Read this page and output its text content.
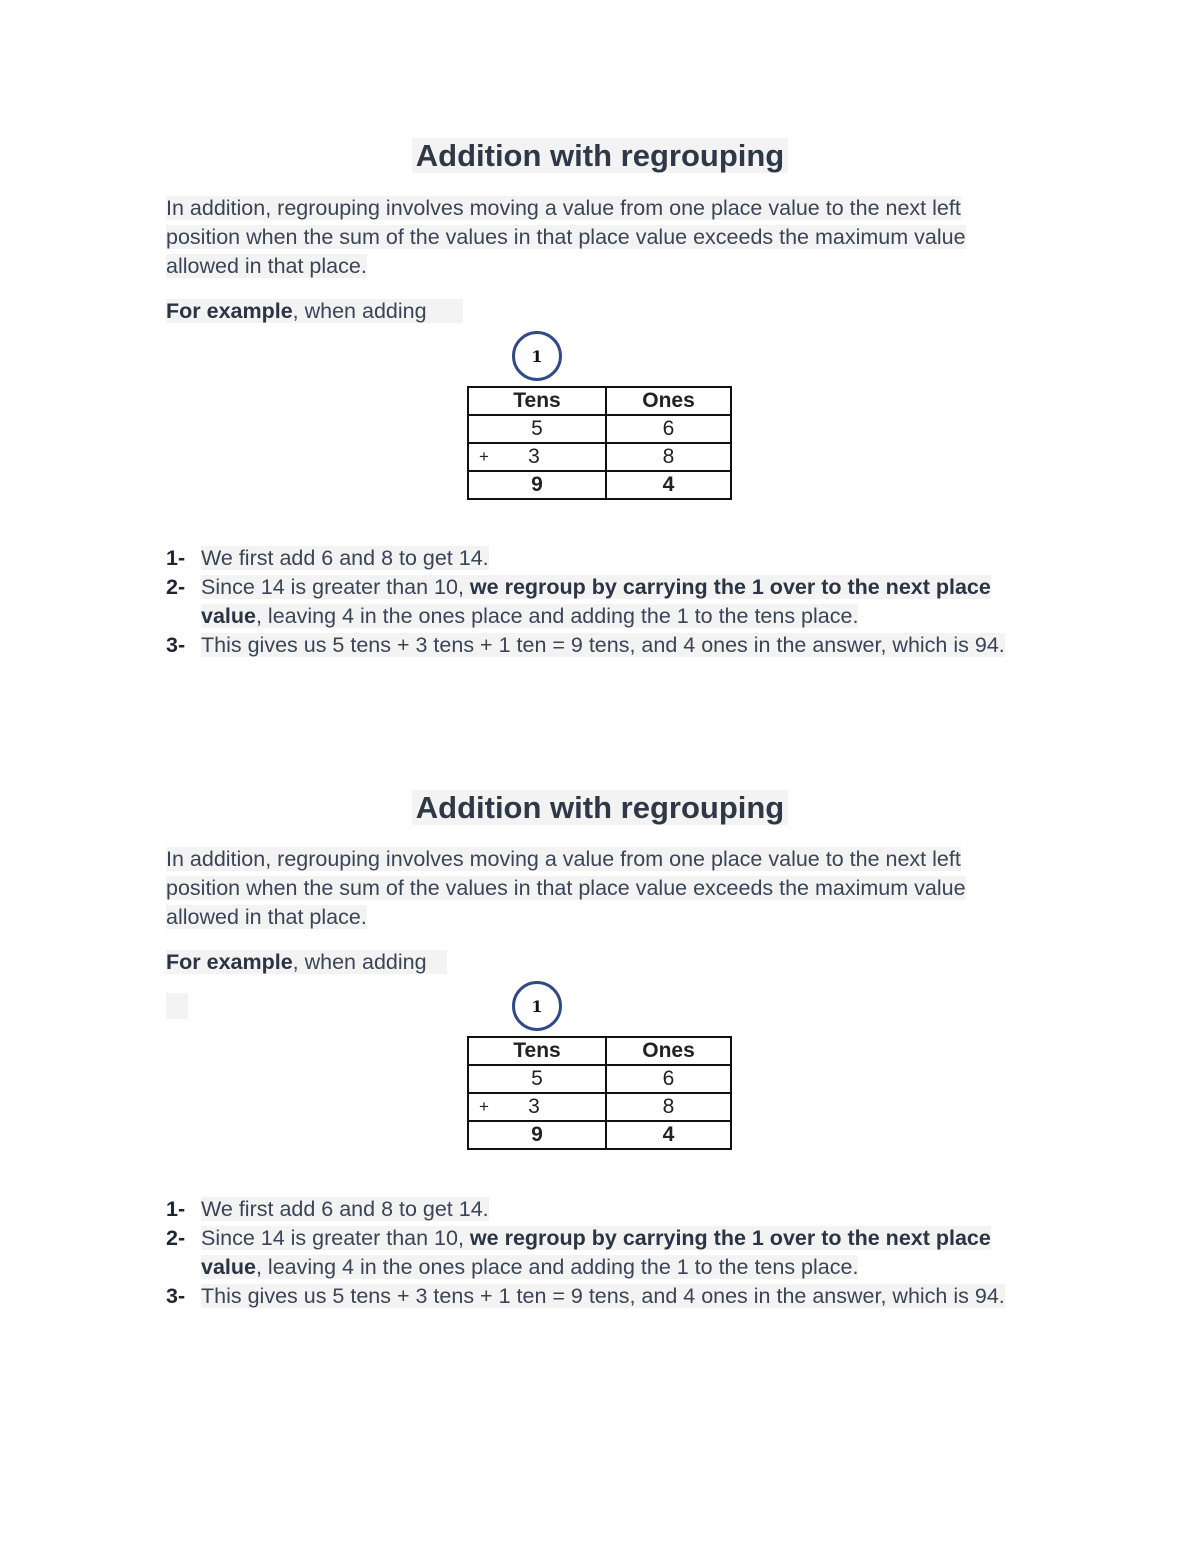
Addition with regrouping

In addition, regrouping involves moving a value from one place value to the next left position when the sum of the values in that place value exceeds the maximum value allowed in that place.

For example, when adding
1
Tens	Ones
5	6

+ 3	8
9	4
1- We first add 6 and 8 to get 14.
2- Since 14 is greater than 10, we regroup by carrying the 1 over to the next place value, leaving 4 in the ones place and adding the 1 to the tens place.
3- This gives us 5 tens + 3 tens + 1 ten = 9 tens, and 4 ones in the answer, which is 94.
Addition with regrouping

In addition, regrouping involves moving a value from one place value to the next left position when the sum of the values in that place value exceeds the maximum value allowed in that place.

For example, when adding
1
Tens	Ones
5	6

+ 3	8
9	4
1- We first add 6 and 8 to get 14.
2- Since 14 is greater than 10, we regroup by carrying the 1 over to the next place value, leaving 4 in the ones place and adding the 1 to the tens place.
3- This gives us 5 tens + 3 tens + 1 ten = 9 tens, and 4 ones in the answer, which is 94.
